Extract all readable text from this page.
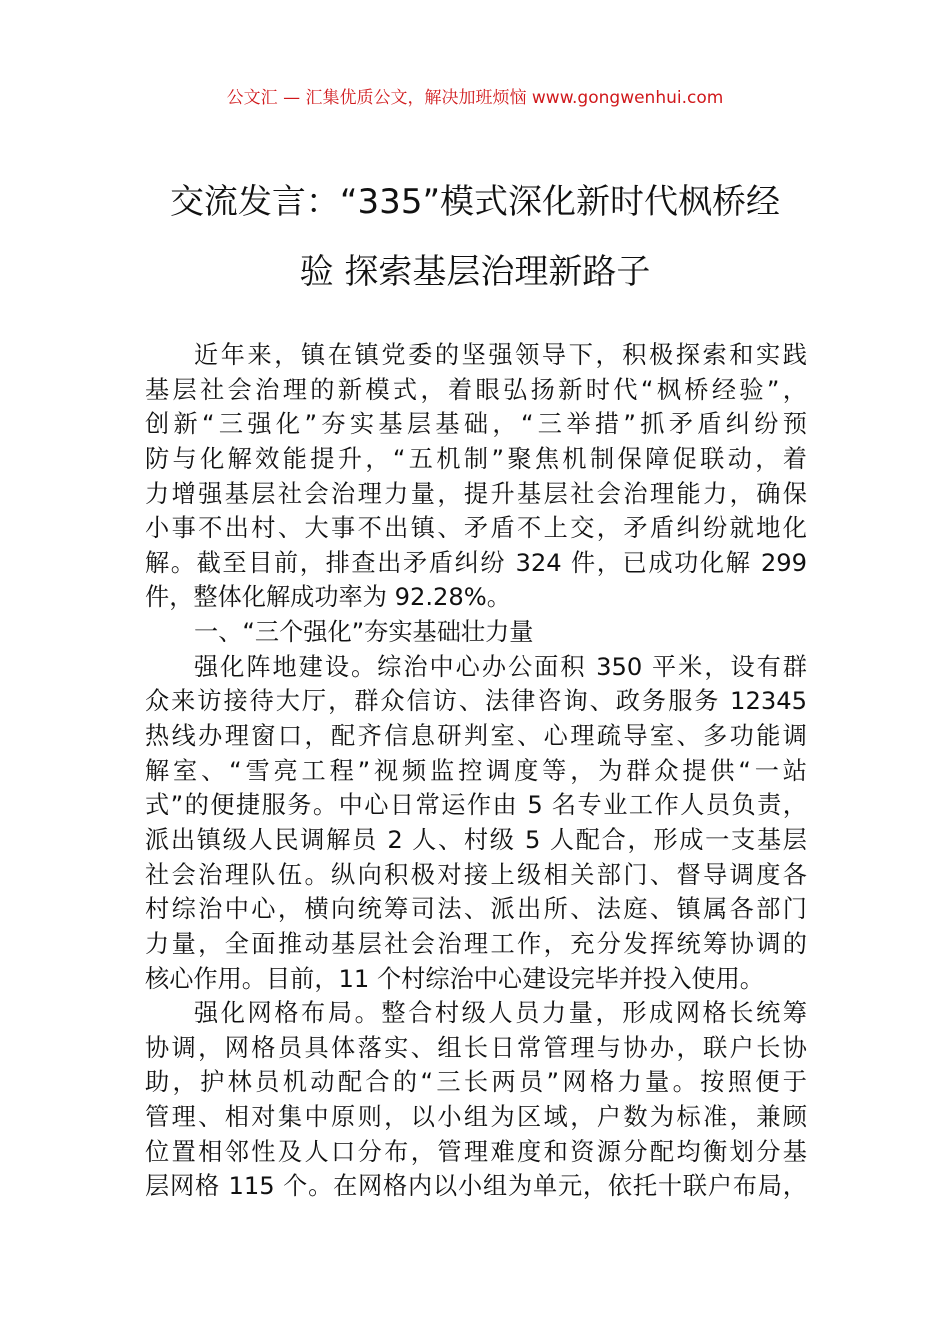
公文汇 — 汇集优质公文，解决加班烦恼 www.gongwenhui.com
交流发言：“335”模式深化新时代枫桥经
验 探索基层治理新路子
近年来，镇在镇党委的坚强领导下，积极探索和实践
基层社会治理的新模式，着眼弘扬新时代“枫桥经验”，
创新“三强化”夯实基层基础，“三举措”抓矛盾纠纷预
防与化解效能提升，“五机制”聚焦机制保障促联动，着
力增强基层社会治理力量，提升基层社会治理能力，确保
小事不出村、大事不出镇、矛盾不上交，矛盾纠纷就地化
解。截至目前，排查出矛盾纠纷 324 件，已成功化解 299
件，整体化解成功率为 92.28%。
一、“三个强化”夯实基础壮力量
强化阵地建设。综治中心办公面积 350 平米，设有群
众来访接待大厅，群众信访、法律咨询、政务服务 12345
热线办理窗口，配齐信息研判室、心理疏导室、多功能调
解室、“雪亮工程”视频监控调度等，为群众提供“一站
式”的便捷服务。中心日常运作由 5 名专业工作人员负责，
派出镇级人民调解员 2 人、村级 5 人配合，形成一支基层
社会治理队伍。纵向积极对接上级相关部门、督导调度各
村综治中心，横向统筹司法、派出所、法庭、镇属各部门
力量，全面推动基层社会治理工作，充分发挥统筹协调的
核心作用。目前，11 个村综治中心建设完毕并投入使用。
强化网格布局。整合村级人员力量，形成网格长统筹
协调，网格员具体落实、组长日常管理与协办，联户长协
助，护林员机动配合的“三长两员”网格力量。按照便于
管理、相对集中原则，以小组为区域，户数为标准，兼顾
位置相邻性及人口分布，管理难度和资源分配均衡划分基
层网格 115 个。在网格内以小组为单元，依托十联户布局，
